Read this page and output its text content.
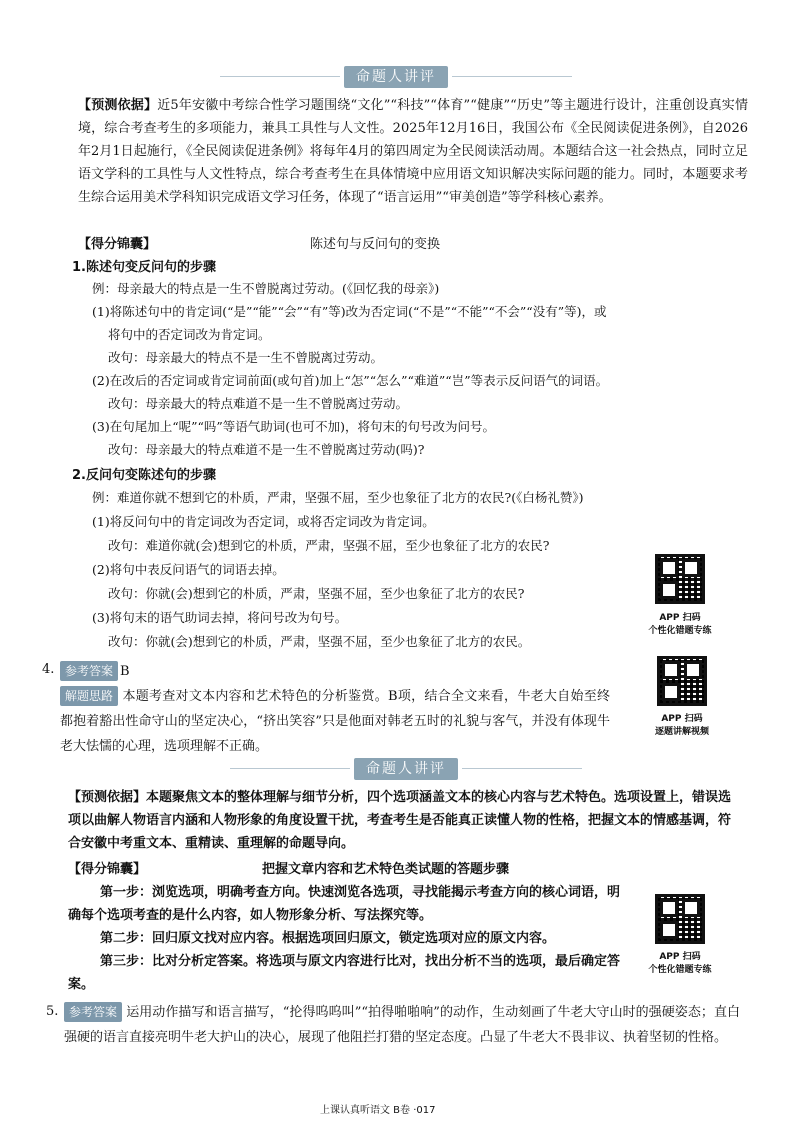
命题人讲评
【预测依据】近5年安徽中考综合性学习题围绕“文化”“科技”“体育”“健康”“历史”等主题进行设计，注重创设真实情境，综合考查考生的多项能力，兼具工具性与人文性。2025年12月16日，我国公布《全民阅读促进条例》，自2026年2月1日起施行，《全民阅读促进条例》将每年4月的第四周定为全民阅读活动周。本题结合这一社会热点，同时立足语文学科的工具性与人文性特点，综合考查考生在具体情境中应用语文知识解决实际问题的能力。同时，本题要求考生综合运用美术学科知识完成语文学习任务，体现了“语言运用”“审美创造”等学科核心素养。
【得分锦囊】	陈述句与反问句的变换
1.陈述句变反问句的步骤
例：母亲最大的特点是一生不曾脱离过劳动。(《回忆我的母亲》)
(1)将陈述句中的肯定词(“是”“能”“会”“有”等)改为否定词(“不是”“不能”“不会”“没有”等)，或
将句中的否定词改为肯定词。
改句：母亲最大的特点不是一生不曾脱离过劳动。
(2)在改后的否定词或肯定词前面(或句首)加上“怎”“怎么”“难道”“岂”等表示反问语气的词语。
改句：母亲最大的特点难道不是一生不曾脱离过劳动。
(3)在句尾加上“呢”“吗”等语气助词(也可不加)，将句末的句号改为问号。
改句：母亲最大的特点难道不是一生不曾脱离过劳动(吗)?
2.反问句变陈述句的步骤
例：难道你就不想到它的朴质，严肃，坚强不屈，至少也象征了北方的农民?(《白杨礼赞》)
(1)将反问句中的肯定词改为否定词，或将否定词改为肯定词。
改句：难道你就(会)想到它的朴质，严肃，坚强不屈，至少也象征了北方的农民?
(2)将句中表反问语气的词语去掉。
改句：你就(会)想到它的朴质，严肃，坚强不屈，至少也象征了北方的农民?
(3)将句末的语气助词去掉，将问号改为句号。
改句：你就(会)想到它的朴质，严肃，坚强不屈，至少也象征了北方的农民。
APP 扫码
个性化错题专练
4. 参考答案 B
解题思路 本题考查对文本内容和艺术特色的分析鉴赏。B项，结合全文来看，牛老大自始至终都抱着豁出性命守山的坚定决心，“挤出笑容”只是他面对韩老五时的礼貌与客气，并没有体现牛老大怯懦的心理，选项理解不正确。
APP 扫码
逐题讲解视频
命题人讲评
【预测依据】本题聚焦文本的整体理解与细节分析，四个选项涵盖文本的核心内容与艺术特色。选项设置上，错误选项以曲解人物语言内涵和人物形象的角度设置干扰，考查考生是否能真正读懂人物的性格，把握文本的情感基调，符合安徽中考重文本、重精读、重理解的命题导向。
【得分锦囊】	把握文章内容和艺术特色类试题的答题步骤
第一步：浏览选项，明确考查方向。快速浏览各选项，寻找能揭示考查方向的核心词语，明确每个选项考查的是什么内容，如人物形象分析、写法探究等。
第二步：回归原文找对应内容。根据选项回归原文，锁定选项对应的原文内容。
第三步：比对分析定答案。将选项与原文内容进行比对，找出分析不当的选项，最后确定答案。
APP 扫码
个性化错题专练
5. 参考答案 运用动作描写和语言描写，“抡得呜呜叫”“拍得啪啪响”的动作，生动刻画了牛老大守山时的强硬姿态；直白强硬的语言直接亮明牛老大护山的决心，展现了他阻拦打猎的坚定态度。凸显了牛老大不畏非议、执着坚韧的性格。
上课认真听语文 B卷 ·017
